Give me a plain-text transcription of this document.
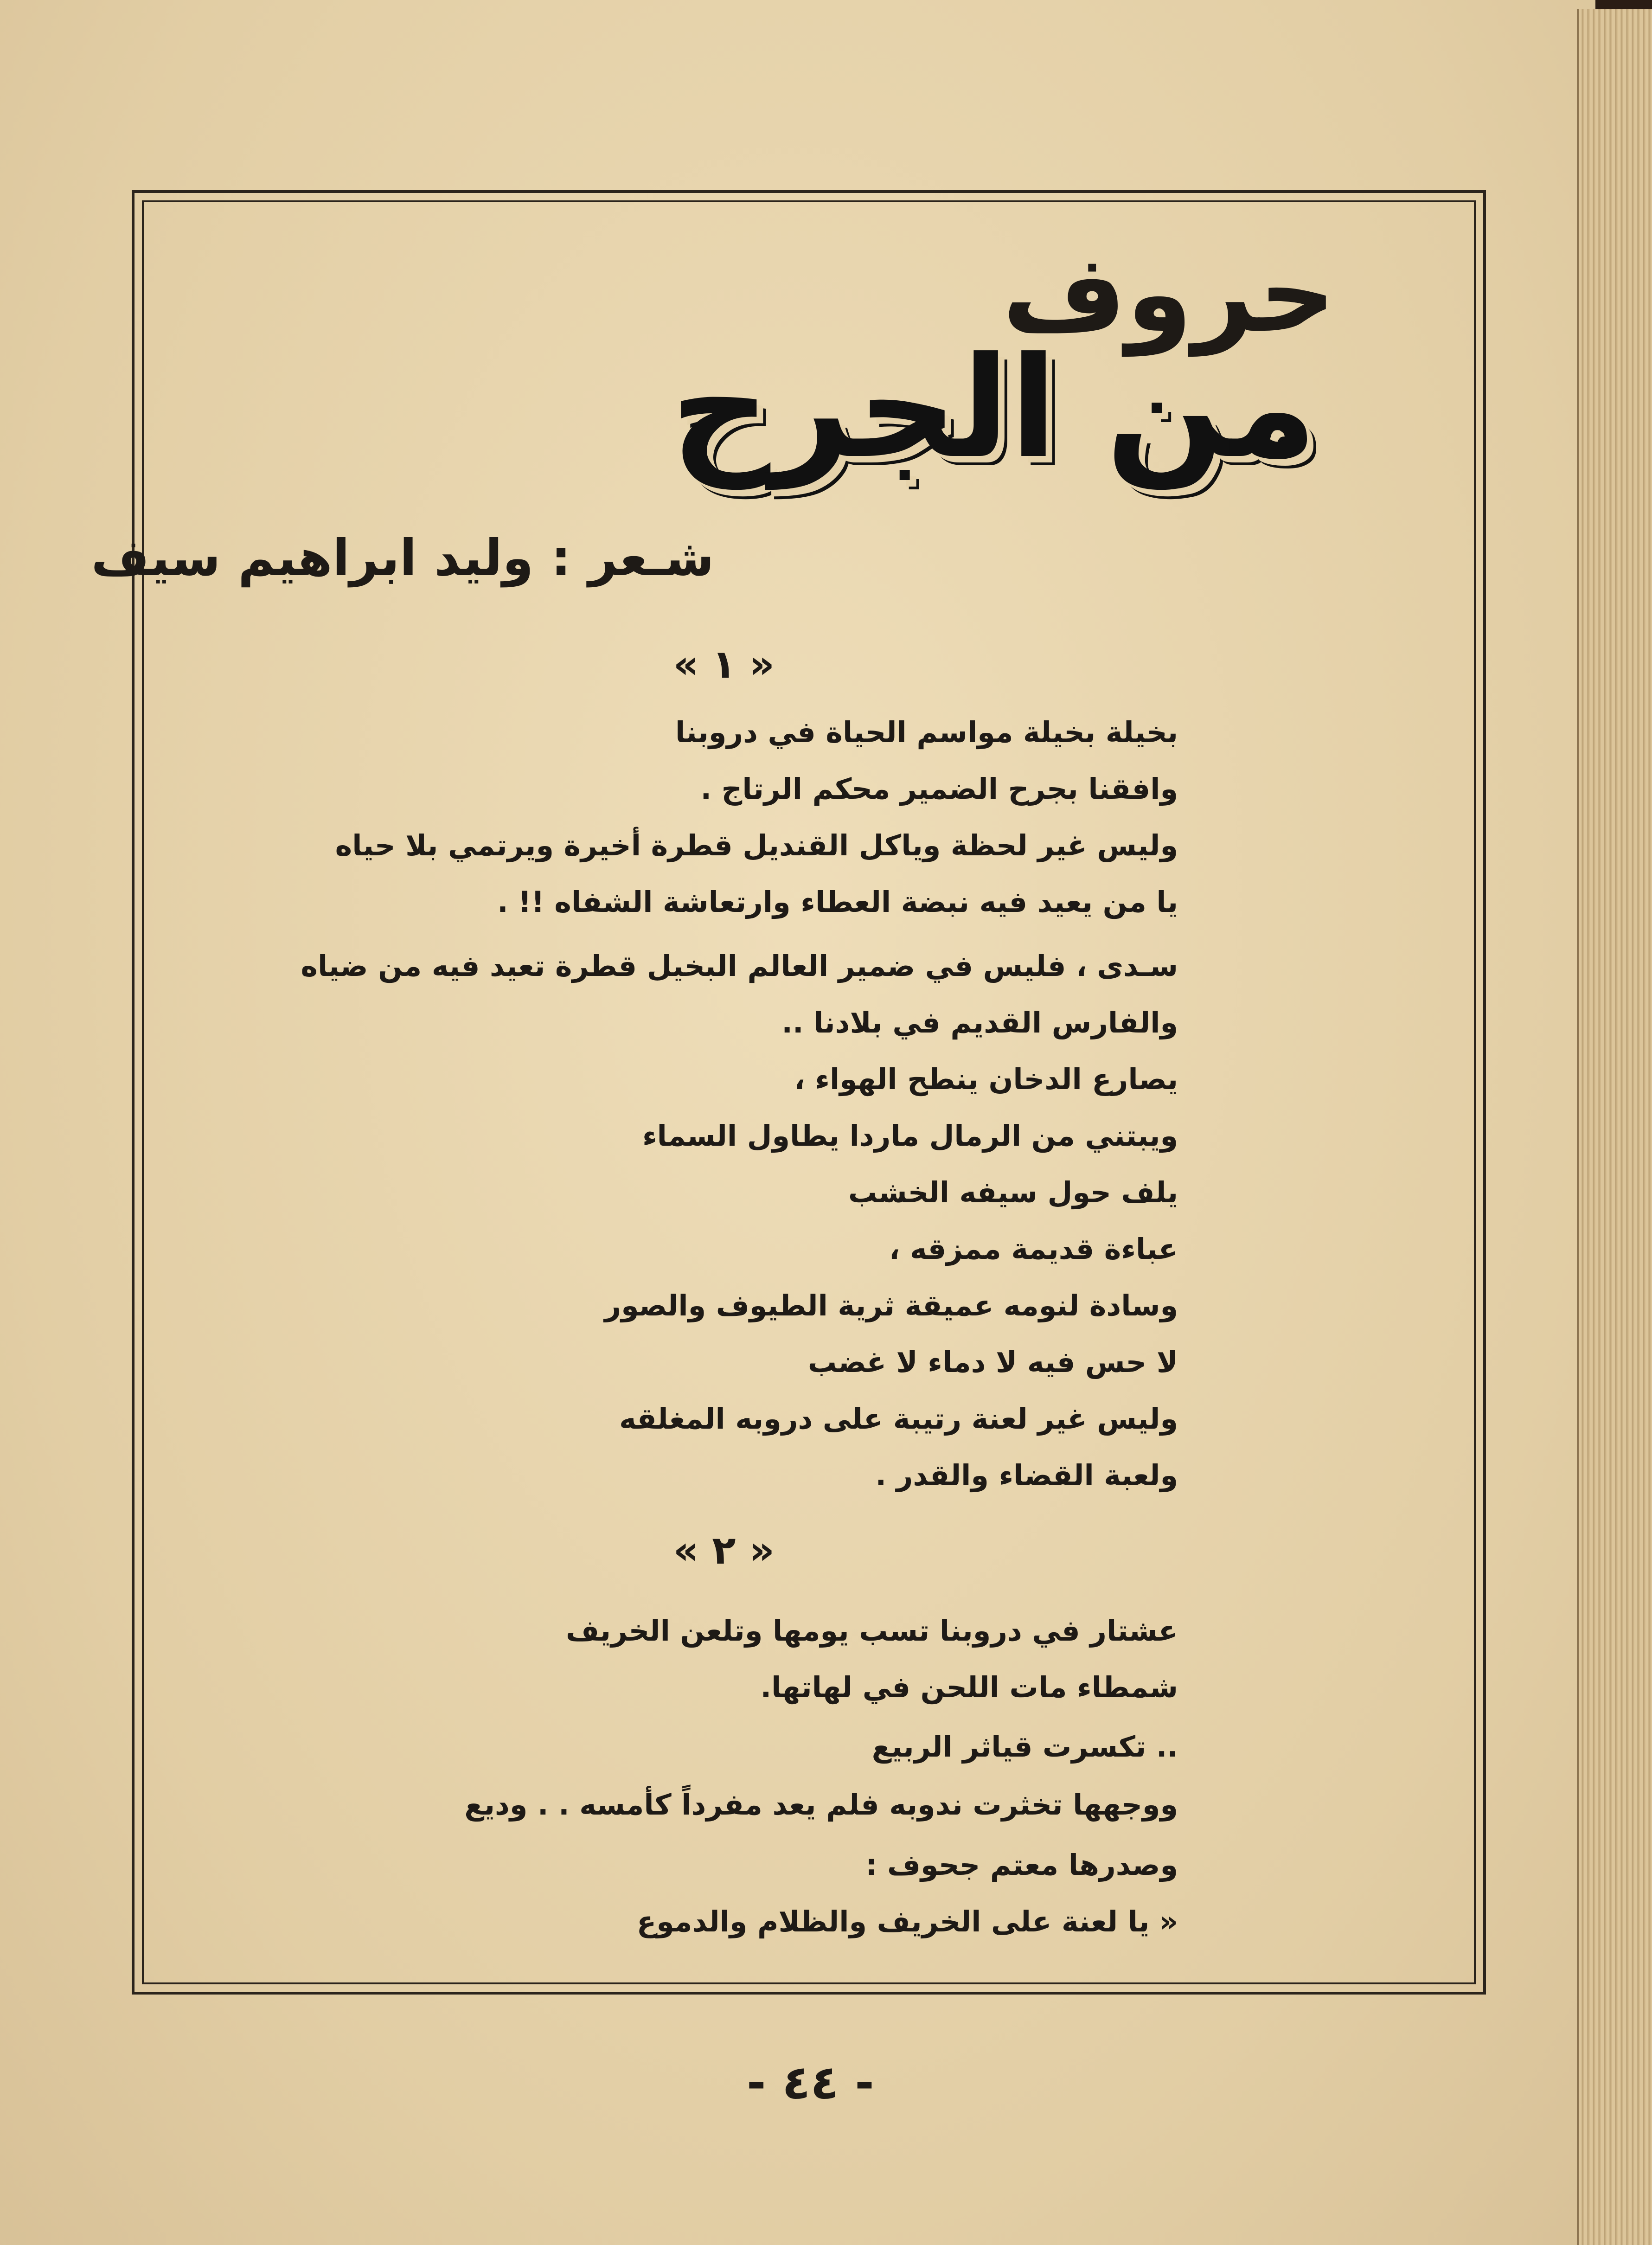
حروف
من الجرح
شـعر : وليد ابراهيم سيف
« ١ »
بخيلة بخيلة مواسم الحياة في دروبنا
وافقنا بجرح الضمير محكم الرتاج .
وليس غير لحظة وياكل القنديل قطرة أخيرة ويرتمي بلا حياه
يا من يعيد فيه نبضة العطاء وارتعاشة الشفاه !! .
سـدى ، فليس في ضمير العالم البخيل قطرة تعيد فيه من ضياه
والفارس القديم في بلادنا ..
يصارع الدخان ينطح الهواء ،
ويبتني من الرمال ماردا يطاول السماء
يلف حول سيفه الخشب
عباءة قديمة ممزقه ،
وسادة لنومه عميقة ثرية الطيوف والصور
لا حس فيه لا دماء لا غضب
وليس غير لعنة رتيبة على دروبه المغلقه
ولعبة القضاء والقدر .
« ٢ »
عشتار في دروبنا تسب يومها وتلعن الخريف
شمطاء مات اللحن في لهاتها.
.. تكسرت قياثر الربيع
ووجهها تخثرت ندوبه فلم يعد مفرداً كأمسه . . وديع
وصدرها معتم جحوف :
« يا لعنة على الخريف والظلام والدموع
- ٤٤ -
